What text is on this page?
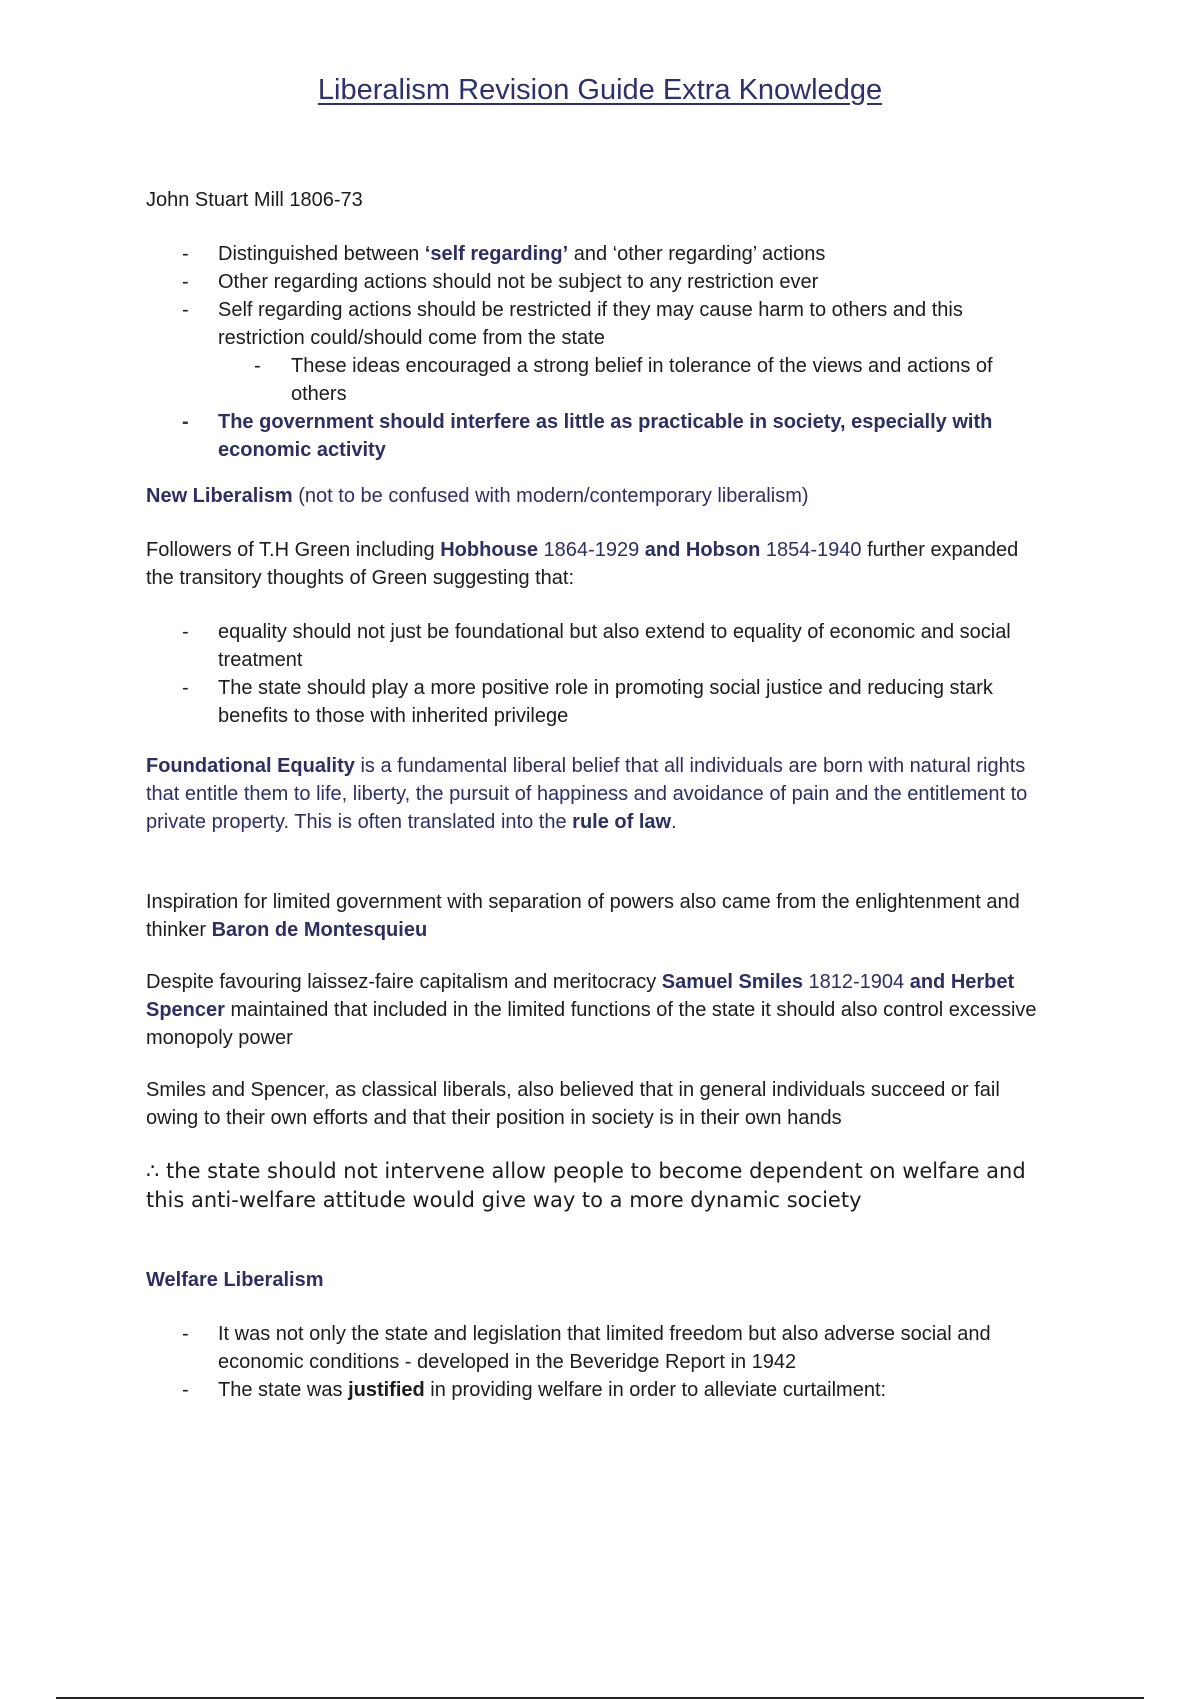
Liberalism Revision Guide Extra Knowledge

John Stuart Mill 1806-73

- Distinguished between ‘self regarding’ and ‘other regarding’ actions
- Other regarding actions should not be subject to any restriction ever
- Self regarding actions should be restricted if they may cause harm to others and this restriction could/should come from the state
- These ideas encouraged a strong belief in tolerance of the views and actions of others
- The government should interfere as little as practicable in society, especially with economic activity

New Liberalism (not to be confused with modern/contemporary liberalism)

Followers of T.H Green including Hobhouse 1864-1929 and Hobson 1854-1940 further expanded the transitory thoughts of Green suggesting that:

- equality should not just be foundational but also extend to equality of economic and social treatment
- The state should play a more positive role in promoting social justice and reducing stark benefits to those with inherited privilege

Foundational Equality is a fundamental liberal belief that all individuals are born with natural rights that entitle them to life, liberty, the pursuit of happiness and avoidance of pain and the entitlement to private property. This is often translated into the rule of law.

Inspiration for limited government with separation of powers also came from the enlightenment and thinker Baron de Montesquieu

Despite favouring laissez-faire capitalism and meritocracy Samuel Smiles 1812-1904 and Herbet Spencer maintained that included in the limited functions of the state it should also control excessive monopoly power

Smiles and Spencer, as classical liberals, also believed that in general individuals succeed or fail owing to their own efforts and that their position in society is in their own hands

∴ the state should not intervene allow people to become dependent on welfare and this anti-welfare attitude would give way to a more dynamic society

Welfare Liberalism

- It was not only the state and legislation that limited freedom but also adverse social and economic conditions - developed in the Beveridge Report in 1942
- The state was justified in providing welfare in order to alleviate curtailment:
